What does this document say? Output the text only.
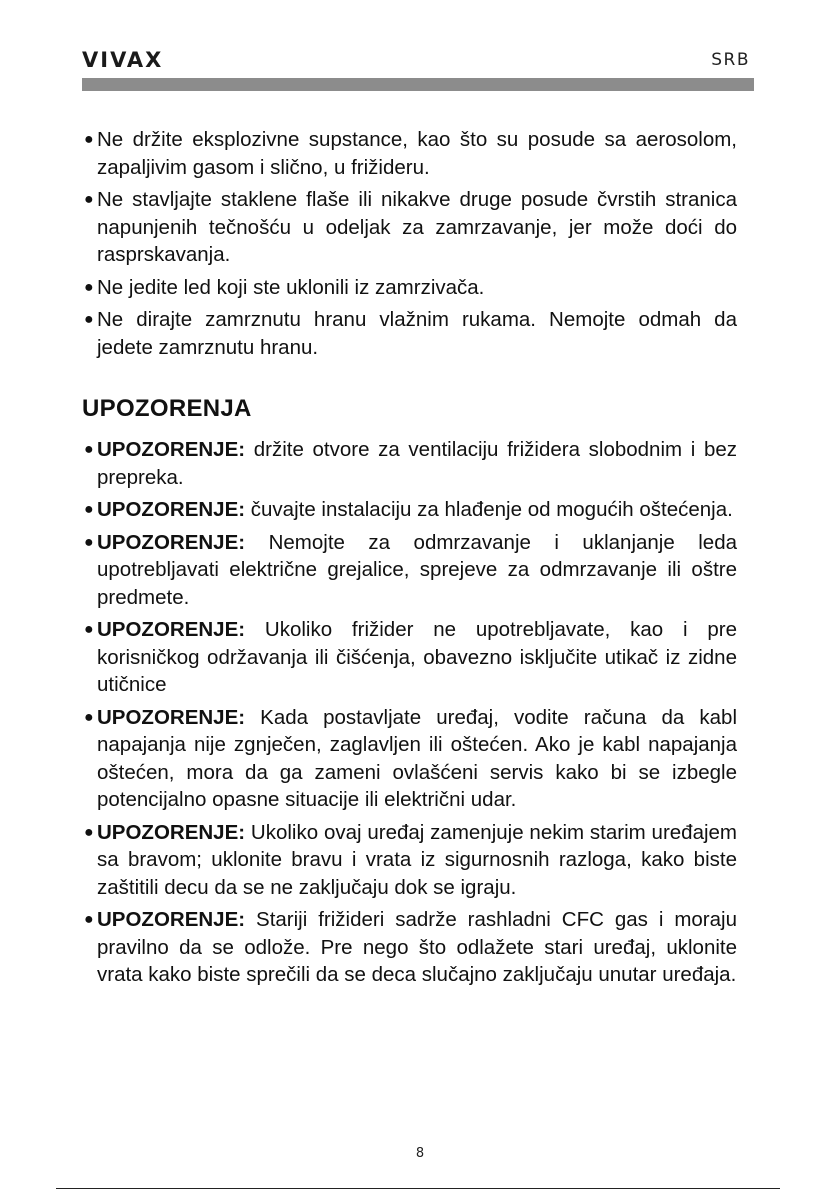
VIVAX	SRB
● Ne držite eksplozivne supstance, kao što su posude sa aerosolom, zapaljivim gasom i slično, u frižideru.
● Ne stavljajte staklene flaše ili nikakve druge posude čvrstih stranica napunjenih tečnošću u odeljak za zamrzavanje, jer može doći do rasprskavanja.
● Ne jedite led koji ste uklonili iz zamrzivača.
● Ne dirajte zamrznutu hranu vlažnim rukama. Nemojte odmah da jedete zamrznutu hranu.
UPOZORENJA
● UPOZORENJE: držite otvore za ventilaciju frižidera slobodnim i bez prepreka.
● UPOZORENJE: čuvajte instalaciju za hlađenje od mogućih oštećenja.
● UPOZORENJE: Nemojte za odmrzavanje i uklanjanje leda upotrebljavati električne grejalice, spreјeve za odmrzavanje ili oštre predmete.
● UPOZORENJE: Ukoliko frižider ne upotrebljavate, kao i pre korisničkog održavanja ili čišćenja, obavezno isključite utikač iz zidne utičnice
● UPOZORENJE: Kada postavljate uređaj, vodite računa da kabl napajanja nije zgnječen, zaglavljen ili oštećen. Ako je kabl napajanja oštećen, mora da ga zameni ovlašćeni servis kako bi se izbegle potencijalno opasne situacije ili električni udar.
● UPOZORENJE: Ukoliko ovaj uređaj zamenjuje nekim starim uređajem sa bravom; uklonite bravu i vrata iz sigurnosnih razloga, kako biste zaštitili decu da se ne zaključaju dok se igraju.
● UPOZORENJE: Stariji frižideri sadrže rashladni CFC gas i moraju pravilno da se odlože. Pre nego što odlažete stari uređaj, uklonite vrata kako biste sprečili da se deca slučajno zaključaju unutar uređaja.
8
